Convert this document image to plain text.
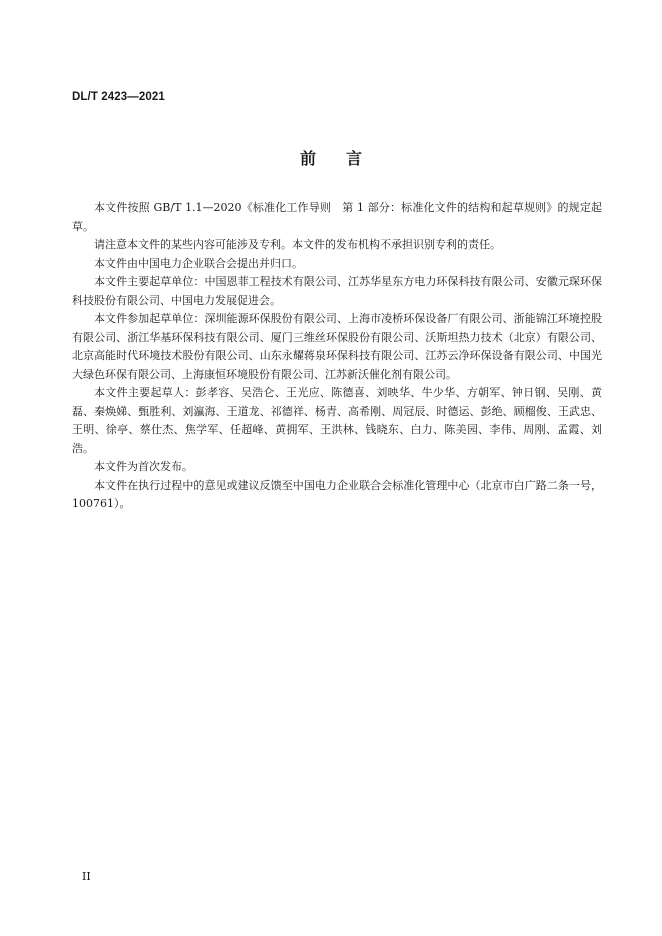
DL/T 2423—2021
前言

本文件按照 GB/T 1.1—2020《标准化工作导则　第 1 部分：标准化文件的结构和起草规则》的规定起草。

请注意本文件的某些内容可能涉及专利。本文件的发布机构不承担识别专利的责任。

本文件由中国电力企业联合会提出并归口。

本文件主要起草单位：中国恩菲工程技术有限公司、江苏华星东方电力环保科技有限公司、安徽元琛环保科技股份有限公司、中国电力发展促进会。

本文件参加起草单位：深圳能源环保股份有限公司、上海市凌桥环保设备厂有限公司、浙能锦江环境控股有限公司、浙江华基环保科技有限公司、厦门三维丝环保股份有限公司、沃斯坦热力技术（北京）有限公司、北京高能时代环境技术股份有限公司、山东永耀蒋泉环保科技有限公司、江苏云净环保设备有限公司、中国光大绿色环保有限公司、上海康恒环境股份有限公司、江苏新沃催化剂有限公司。

本文件主要起草人：彭孝容、吴浩仑、王光应、陈德喜、刘映华、牛少华、方朝军、钟日钢、吴刚、黄磊、秦焕娣、甄胜利、刘瀛海、王道龙、祁德祥、杨青、高希刚、周冠辰、时德运、彭绝、顾榴俊、王武忠、王明、徐亭、蔡仕杰、焦学军、任超峰、黄拥军、王洪林、钱晓东、白力、陈美园、李伟、周刚、孟霞、刘浩。

本文件为首次发布。

本文件在执行过程中的意见或建议反馈至中国电力企业联合会标准化管理中心（北京市白广路二条一号，100761）。

II
